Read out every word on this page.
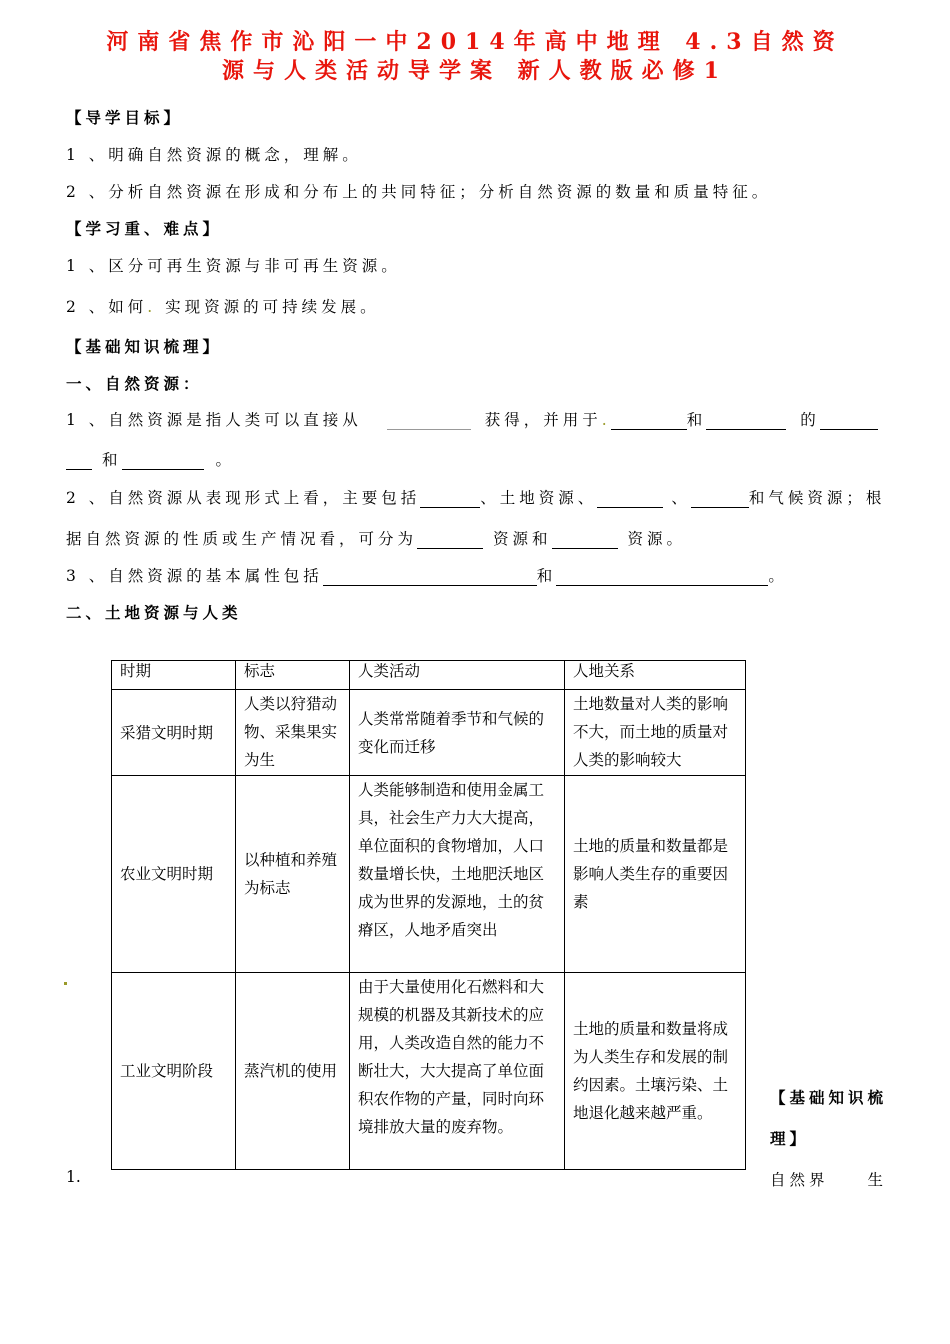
河南省焦作市沁阳一中2014年高中地理 4.3自然资
源与人类活动导学案 新人教版必修1
【导学目标】
1 、明确自然资源的概念，理解。
2 、分析自然资源在形成和分布上的共同特征；分析自然资源的数量和质量特征。
【学习重、难点】
1 、区分可再生资源与非可再生资源。
2 、如何. 实现资源的可持续发展。
【基础知识梳理】
一、自然资源：
1 、自然资源是指人类可以直接从	获得，并用于.	和	的
和	。
2 、自然资源从表现形式上看，主要包括	、土地资源、	、	和气候资源；根
据自然资源的性质或生产情况看，可分为	资源和	资源。
3 、自然资源的基本属性包括	和	。
二、土地资源与人类
时期	标志	人类活动	人地关系
采猎文明时期	人类以狩猎动物、采集果实为生	人类常常随着季节和气候的变化而迁移	土地数量对人类的影响不大，而土地的质量对人类的影响较大
农业文明时期	以种植和养殖为标志	人类能够制造和使用金属工具，社会生产力大大提高，单位面积的食物增加，人口数量增长快，土地肥沃地区成为世界的发源地，土的贫瘠区，人地矛盾突出	土地的质量和数量都是影响人类生存的重要因素
工业文明阶段	蒸汽机的使用	由于大量使用化石燃料和大规模的机器及其新技术的应用，人类改造自然的能力不断壮大，大大提高了单位面积农作物的产量，同时向环境排放大量的废弃物。	土地的质量和数量将成为人类生存和发展的制约因素。土壤污染、土地退化越来越严重。
1.
【基础知识梳
理】
自然界　　生
